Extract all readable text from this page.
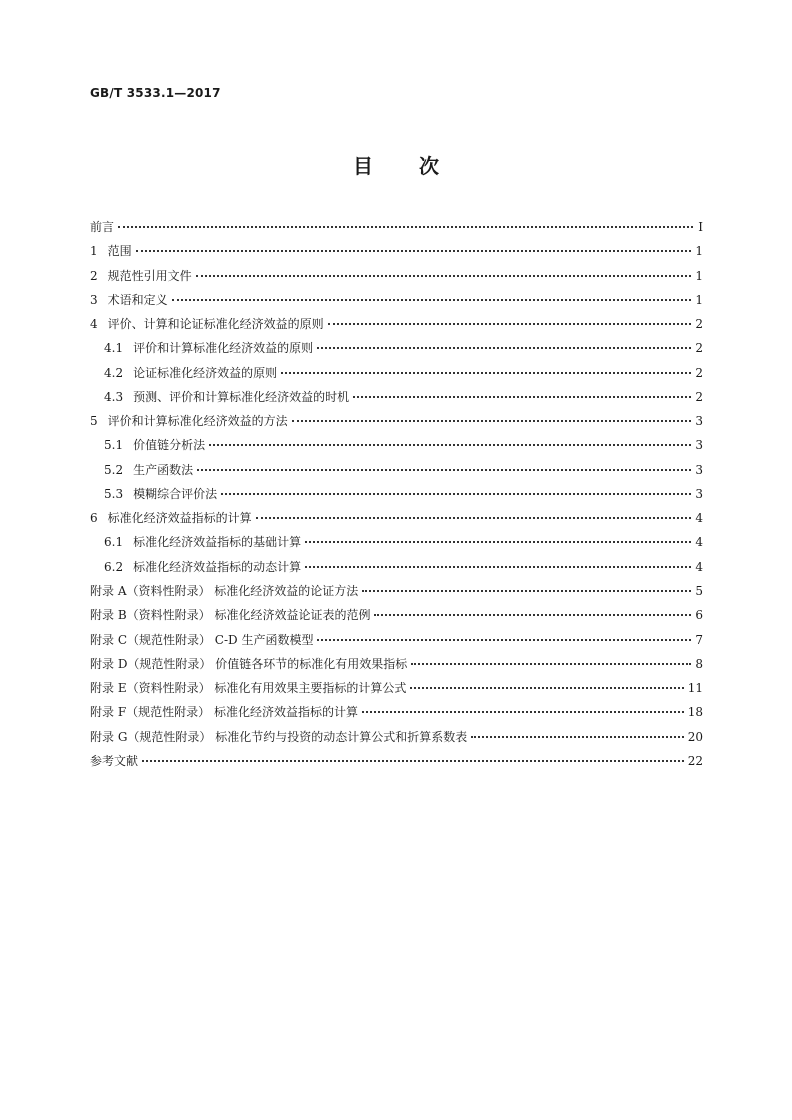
GB/T 3533.1—2017
目次
前言	Ⅰ
1 范围	1
2 规范性引用文件	1
3 术语和定义	1
4 评价、计算和论证标准化经济效益的原则	2
4.1 评价和计算标准化经济效益的原则	2
4.2 论证标准化经济效益的原则	2
4.3 预测、评价和计算标准化经济效益的时机	2
5 评价和计算标准化经济效益的方法	3
5.1 价值链分析法	3
5.2 生产函数法	3
5.3 模糊综合评价法	3
6 标准化经济效益指标的计算	4
6.1 标准化经济效益指标的基础计算	4
6.2 标准化经济效益指标的动态计算	4
附录 A（资料性附录） 标准化经济效益的论证方法	5
附录 B（资料性附录） 标准化经济效益论证表的范例	6
附录 C（规范性附录） C-D 生产函数模型	7
附录 D（规范性附录） 价值链各环节的标准化有用效果指标	8
附录 E（资料性附录） 标准化有用效果主要指标的计算公式	11
附录 F（规范性附录） 标准化经济效益指标的计算	18
附录 G（规范性附录） 标准化节约与投资的动态计算公式和折算系数表	20
参考文献	22
